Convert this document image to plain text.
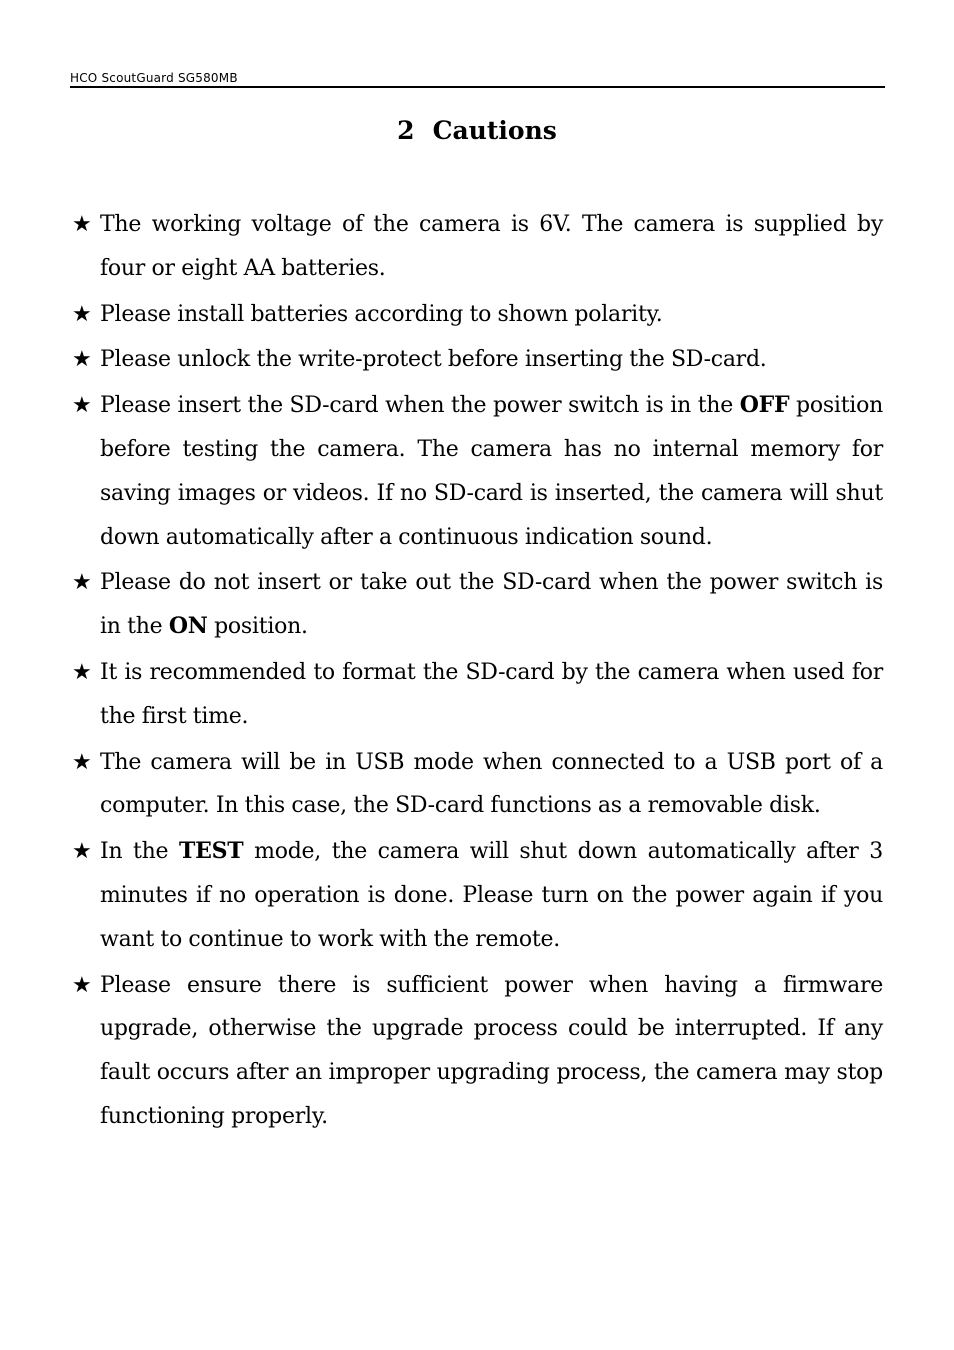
HCO ScoutGuard SG580MB
2 Cautions
★ The working voltage of the camera is 6V. The camera is supplied by four or eight AA batteries.
★ Please install batteries according to shown polarity.
★ Please unlock the write-protect before inserting the SD-card.
★ Please insert the SD-card when the power switch is in the OFF position before testing the camera. The camera has no internal memory for saving images or videos. If no SD-card is inserted, the camera will shut down automatically after a continuous indication sound.
★ Please do not insert or take out the SD-card when the power switch is in the ON position.
★ It is recommended to format the SD-card by the camera when used for the first time.
★ The camera will be in USB mode when connected to a USB port of a computer. In this case, the SD-card functions as a removable disk.
★ In the TEST mode, the camera will shut down automatically after 3 minutes if no operation is done. Please turn on the power again if you want to continue to work with the remote.
★ Please ensure there is sufficient power when having a firmware upgrade, otherwise the upgrade process could be interrupted. If any fault occurs after an improper upgrading process, the camera may stop functioning properly.
